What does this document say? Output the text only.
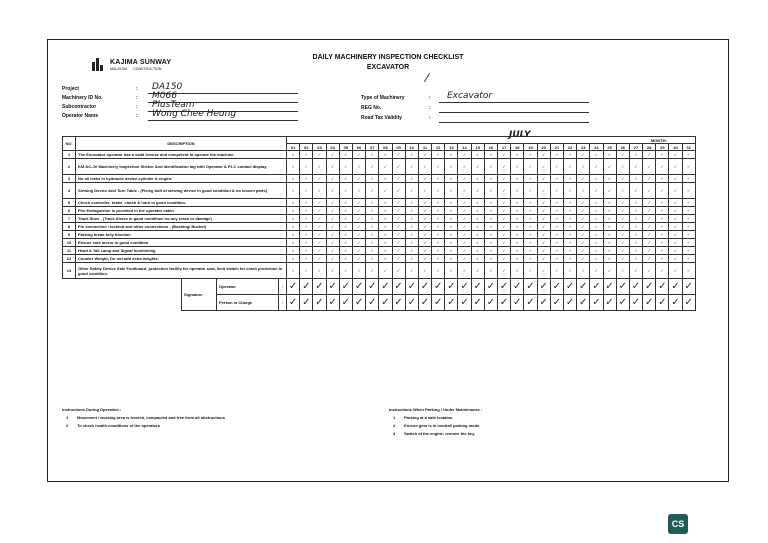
KAJIMA SUNWAY
MALAYSIA CONSTRUCTION
DAILY MACHINERY INSPECTION CHECKLIST
EXCAVATOR
⁄
Project	: DA150
Machinery ID No.	: M066
Subcontractor	: PlusTeam
Operator Name	: Wong Chee Heung
Type of Machinery	: Excavator
REG No.	:
Road Tax Validity	:
NO.	DESCRIPTION				MONTH:
JULY																														

					01	02	03	04	05	06	07	08	09	10	11	12	13	14	15	16	17	18	19	20	21	22	23	24	25	26	27	28	29	30	31
1	The Excavator operator has a valid license and competent to operate the machine.				✓	✓	✓	✓	✓	✓	✓	✓	✓	✓	✓	✓	✓	✓	✓	✓	✓	✓	✓	✓	✓	✓	✓	✓	✓	✓	✓	✓	✓	✓	✓
2	KM-SC-JV Machinery Inspection Sticker And Identification tag with Operator & P.I.C contact display				✓	✓	✓	✓	✓	✓	✓	✓	✓	✓	✓	✓	✓	✓	✓	✓	✓	✓	✓	✓	✓	✓	✓	✓	✓	✓	✓	✓	✓	✓	✓
3	No oil leaks in hydraulic device,cylinder & engine				✓	✓	✓	✓	✓	✓	✓	✓	✓	✓	✓	✓	✓	✓	✓	✓	✓	✓	✓	✓	✓	✓	✓	✓	✓	✓	✓	✓	✓	✓	✓
4	Slewing Device And Turn Table - (Fixing bolt of slewing device in good condition & no loosen parts)				✓	✓	✓	✓	✓	✓	✓	✓	✓	✓	✓	✓	✓	✓	✓	✓	✓	✓	✓	✓	✓	✓	✓	✓	✓	✓	✓	✓	✓	✓	✓
5	Check controller, brake, clutch & horn in good condition.				✓	✓	✓	✓	✓	✓	✓	✓	✓	✓	✓	✓	✓	✓	✓	✓	✓	✓	✓	✓	✓	✓	✓	✓	✓	✓	✓	✓	✓	✓	✓
6	Fire Extinguisher is provided in the operator cabin				✓	✓	✓	✓	✓	✓	✓	✓	✓	✓	✓	✓	✓	✓	✓	✓	✓	✓	✓	✓	✓	✓	✓	✓	✓	✓	✓	✓	✓	✓	✓
7	Track Shoe - (Track Shoes in good condition/ no any crack or damage)				✓	✓	✓	✓	✓	✓	✓	✓	✓	✓	✓	✓	✓	✓	✓	✓	✓	✓	✓	✓	✓	✓	✓	✓	✓	✓	✓	✓	✓	✓	✓
8	Pin connection / locknut and other connections - (Bushing/ Bucket)				✓	✓	✓	✓	✓	✓	✓	✓	✓	✓	✓	✓	✓	✓	✓	✓	✓	✓	✓	✓	✓	✓	✓	✓	✓	✓	✓	✓	✓	✓	✓
9	Parking break fully function				✓	✓	✓	✓	✓	✓	✓	✓	✓	✓	✓	✓	✓	✓	✓	✓	✓	✓	✓	✓	✓	✓	✓	✓	✓	✓	✓	✓	✓	✓	✓
10	Ensure side mirror in good condition				✓	✓	✓	✓	✓	✓	✓	✓	✓	✓	✓	✓	✓	✓	✓	✓	✓	✓	✓	✓	✓	✓	✓	✓	✓	✓	✓	✓	✓	✓	✓
11	Head & Tail Lamp and Signal functioning				✓	✓	✓	✓	✓	✓	✓	✓	✓	✓	✓	✓	✓	✓	✓	✓	✓	✓	✓	✓	✓	✓	✓	✓	✓	✓	✓	✓	✓	✓	✓
12	Counter Weight; Do not add extra weights.				✓	✓	✓	✓	✓	✓	✓	✓	✓	✓	✓	✓	✓	✓	✓	✓	✓	✓	✓	✓	✓	✓	✓	✓	✓	✓	✓	✓	✓	✓	✓
13	Other Safety Device Side Footboard, protection facility for operator seat, limit switch for crash protection in good condition.				✓	✓	✓	✓	✓	✓	✓	✓	✓	✓	✓	✓	✓	✓	✓	✓	✓	✓	✓	✓	✓	✓	✓	✓	✓	✓	✓	✓	✓	✓	✓
		Signature	Operator	:	✓	✓	✓	✓	✓	✓	✓	✓	✓	✓	✓	✓	✓	✓	✓	✓	✓	✓	✓	✓	✓	✓	✓	✓	✓	✓	✓	✓	✓	✓	✓
			Person in Charge	:	✓	✓	✓	✓	✓	✓	✓	✓	✓	✓	✓	✓	✓	✓	✓	✓	✓	✓	✓	✓	✓	✓	✓	✓	✓	✓	✓	✓	✓	✓	✓
Instructions During Operation :
1 Movement / working area is leveled, compacted and free from all obstructions
2 To check health conditions of the operators
Instructions When Parking / Under Maintenance :
1 Parking at a safe location.
2 Ensure gear is in neutral/ parking mode.
3 Switch of the engine, remove the key.
CS
